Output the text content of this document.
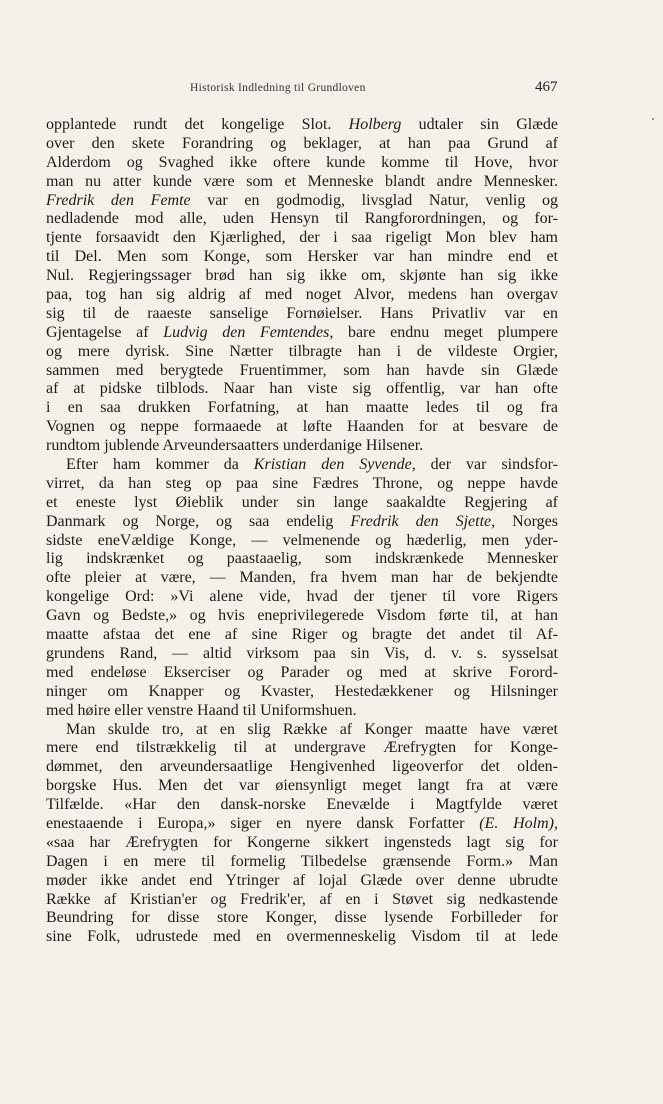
Historisk Indledning til Grundloven	467
opplantede rundt det kongelige Slot. Holberg udtaler sin Glæde
over den skete Forandring og beklager, at han paa Grund af
Alderdom og Svaghed ikke oftere kunde komme til Hove, hvor
man nu atter kunde være som et Menneske blandt andre Mennesker.
Fredrik den Femte var en godmodig, livsglad Natur, venlig og
nedladende mod alle, uden Hensyn til Rangforordningen, og for-
tjente forsaavidt den Kjærlighed, der i saa rigeligt Mon blev ham
til Del. Men som Konge, som Hersker var han mindre end et
Nul. Regjeringssager brød han sig ikke om, skjønte han sig ikke
paa, tog han sig aldrig af med noget Alvor, medens han overgav
sig til de raaeste sanselige Fornøielser. Hans Privatliv var en
Gjentagelse af Ludvig den Femtendes, bare endnu meget plumpere
og mere dyrisk. Sine Nætter tilbragte han i de vildeste Orgier,
sammen med berygtede Fruentimmer, som han havde sin Glæde
af at pidske tilblods. Naar han viste sig offentlig, var han ofte
i en saa drukken Forfatning, at han maatte ledes til og fra
Vognen og neppe formaaede at løfte Haanden for at besvare de
rundtom jublende Arveundersaatters underdanige Hilsener.
Efter ham kommer da Kristian den Syvende, der var sindsfor-
virret, da han steg op paa sine Fædres Throne, og neppe havde
et eneste lyst Øieblik under sin lange saakaldte Regjering af
Danmark og Norge, og saa endelig Fredrik den Sjette, Norges
sidste eneVældige Konge, — velmenende og hæderlig, men yder-
lig indskrænket og paastaaelig, som indskrænkede Mennesker
ofte pleier at være, — Manden, fra hvem man har de bekjendte
kongelige Ord: »Vi alene vide, hvad der tjener til vore Rigers
Gavn og Bedste,» og hvis eneprivilegerede Visdom førte til, at han
maatte afstaa det ene af sine Riger og bragte det andet til Af-
grundens Rand, — altid virksom paa sin Vis, d. v. s. sysselsat
med endeløse Ekserciser og Parader og med at skrive Forord-
ninger om Knapper og Kvaster, Hestedækkener og Hilsninger
med høire eller venstre Haand til Uniformshuen.
Man skulde tro, at en slig Række af Konger maatte have været
mere end tilstrækkelig til at undergrave Ærefrygten for Konge-
dømmet, den arveundersaatlige Hengivenhed ligeoverfor det olden-
borgske Hus. Men det var øiensynligt meget langt fra at være
Tilfælde. «Har den dansk-norske Enevælde i Magtfylde været
enestaaende i Europa,» siger en nyere dansk Forfatter (E. Holm),
«saa har Ærefrygten for Kongerne sikkert ingensteds lagt sig for
Dagen i en mere til formelig Tilbedelse grænsende Form.» Man
møder ikke andet end Ytringer af lojal Glæde over denne ubrudte
Række af Kristian'er og Fredrik'er, af en i Støvet sig nedkastende
Beundring for disse store Konger, disse lysende Forbilleder for
sine Folk, udrustede med en overmenneskelig Visdom til at lede
